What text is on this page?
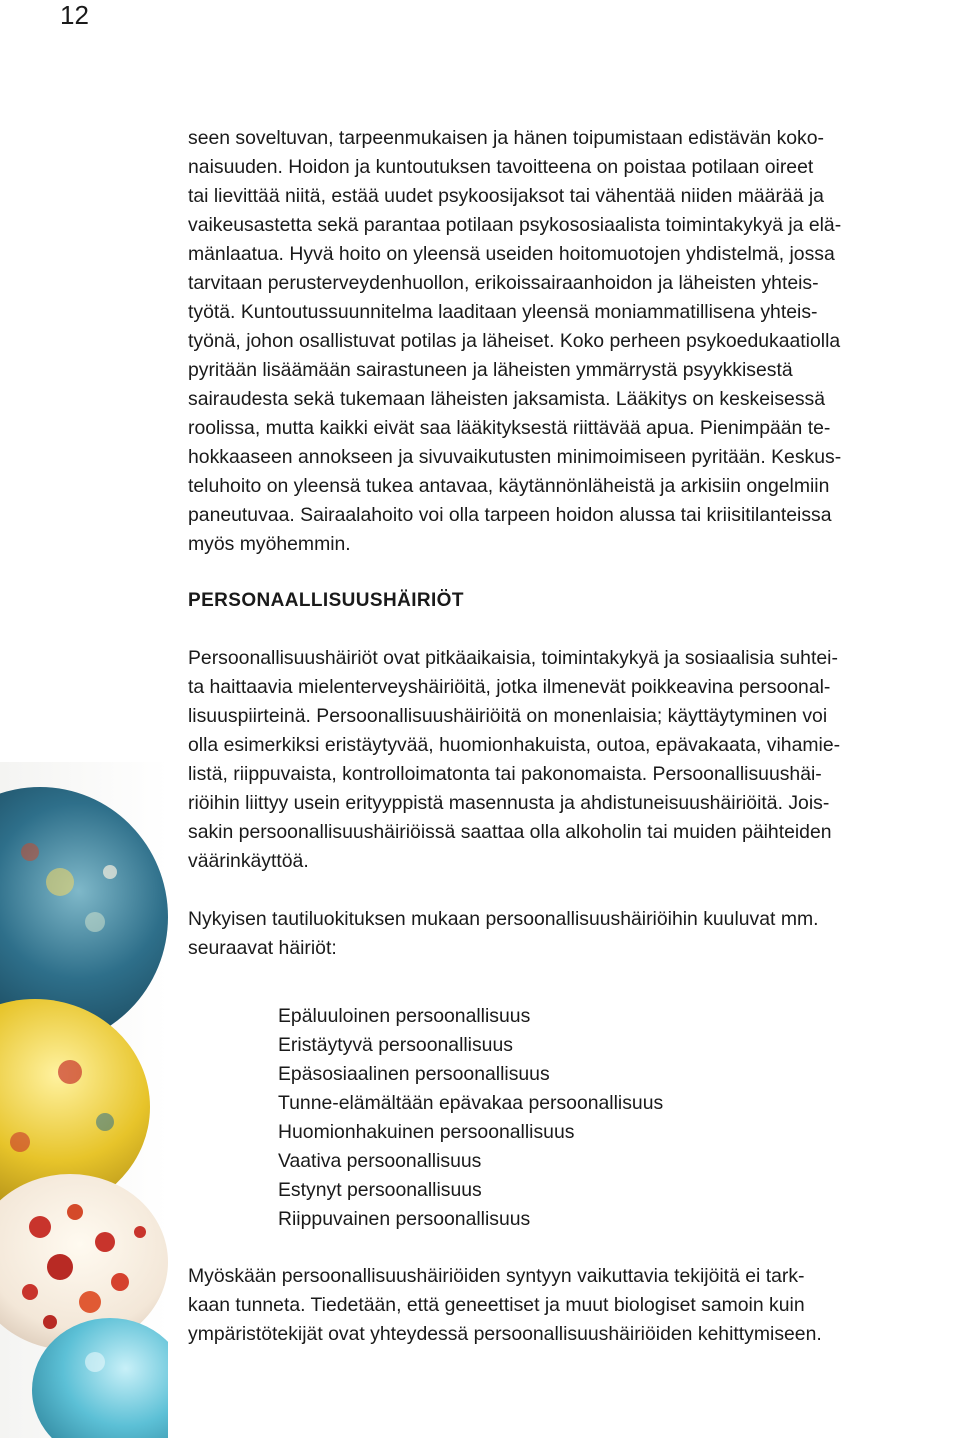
12

seen soveltuvan, tarpeenmukaisen ja hänen toipumistaan edistävän koko-
naisuuden. Hoidon ja kuntoutuksen tavoitteena on poistaa potilaan oireet
tai lievittää niitä, estää uudet psykoosijaksot tai vähentää niiden määrää ja
vaikeusastetta sekä parantaa potilaan psykososiaalista toimintakykyä ja elä-
mänlaatua. Hyvä hoito on yleensä useiden hoitomuotojen yhdistelmä, jossa
tarvitaan perusterveydenhuollon, erikoissairaanhoidon ja läheisten yhteis-
työtä. Kuntoutussuunnitelma laaditaan yleensä moniammatillisena yhteis-
työnä, johon osallistuvat potilas ja läheiset. Koko perheen psykoedukaatiolla
pyritään lisäämään sairastuneen ja läheisten ymmärrystä psyykkisestä
sairaudesta sekä tukemaan läheisten jaksamista. Lääkitys on keskeisessä
roolissa, mutta kaikki eivät saa lääkityksestä riittävää apua. Pienimpään te-
hokkaaseen annokseen ja sivuvaikutusten minimoimiseen pyritään. Keskus-
teluhoito on yleensä tukea antavaa, käytännönläheistä ja arkisiin ongelmiin
paneutuvaa. Sairaalahoito voi olla tarpeen hoidon alussa tai kriisitilanteissa
myös myöhemmin.

PERSONAALLISUUSHÄIRIÖT

Persoonallisuushäiriöt ovat pitkäaikaisia, toimintakykyä ja sosiaalisia suhtei-
ta haittaavia mielenterveyshäiriöitä, jotka ilmenevät poikkeavina persoonal-
lisuuspiirteinä. Persoonallisuushäiriöitä on monenlaisia; käyttäytyminen voi
olla esimerkiksi eristäytyvää, huomionhakuista, outoa, epävakaata, vihamie-
listä, riippuvaista, kontrolloimatonta tai pakonomaista. Persoonallisuushäi-
riöihin liittyy usein erityyppistä masennusta ja ahdistuneisuushäiriöitä. Jois-
sakin persoonallisuushäiriöissä saattaa olla alkoholin tai muiden päihteiden
väärinkäyttöä.

Nykyisen tautiluokituksen mukaan persoonallisuushäiriöihin kuuluvat mm.
seuraavat häiriöt:

Epäluuloinen persoonallisuus
Eristäytyvä persoonallisuus
Epäsosiaalinen persoonallisuus
Tunne-elämältään epävakaa persoonallisuus
Huomionhakuinen persoonallisuus
Vaativa persoonallisuus
Estynyt persoonallisuus
Riippuvainen persoonallisuus

Myöskään persoonallisuushäiriöiden syntyyn vaikuttavia tekijöitä ei tark-
kaan tunneta. Tiedetään, että geneettiset ja muut biologiset samoin kuin
ympäristötekijät ovat yhteydessä persoonallisuushäiriöiden kehittymiseen.
